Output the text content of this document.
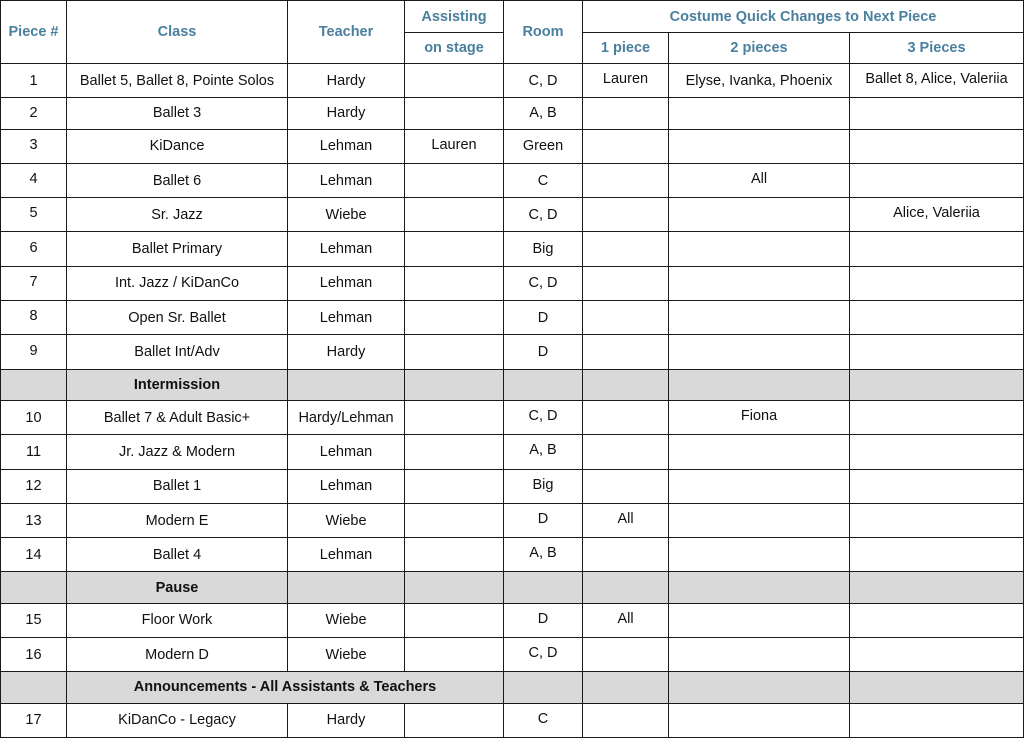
Piece #	Class	Teacher	Assisting	Room	Costume Quick Changes to Next Piece		
			on stage		1 piece	2 pieces	3 Pieces
1	Ballet 5, Ballet 8, Pointe Solos	Hardy		C, D	Lauren	Elyse, Ivanka, Phoenix	Ballet 8, Alice, Valeriia
2	Ballet 3	Hardy		A, B			
3	KiDance	Lehman	Lauren	Green			
4	Ballet 6	Lehman		C		All	
5	Sr. Jazz	Wiebe		C, D			Alice, Valeriia
6	Ballet Primary	Lehman		Big			
7	Int. Jazz / KiDanCo	Lehman		C, D			
8	Open Sr. Ballet	Lehman		D			
9	Ballet Int/Adv	Hardy		D			
	Intermission						
10	Ballet 7 & Adult Basic+	Hardy/Lehman		C, D		Fiona	
11	Jr. Jazz & Modern	Lehman		A, B			
12	Ballet 1	Lehman		Big			
13	Modern E	Wiebe		D	All		
14	Ballet 4	Lehman		A, B			
	Pause						
15	Floor Work	Wiebe		D	All		
16	Modern D	Wiebe		C, D			
	Announcements - All Assistants & Teachers						
17	KiDanCo - Legacy	Hardy		C			
